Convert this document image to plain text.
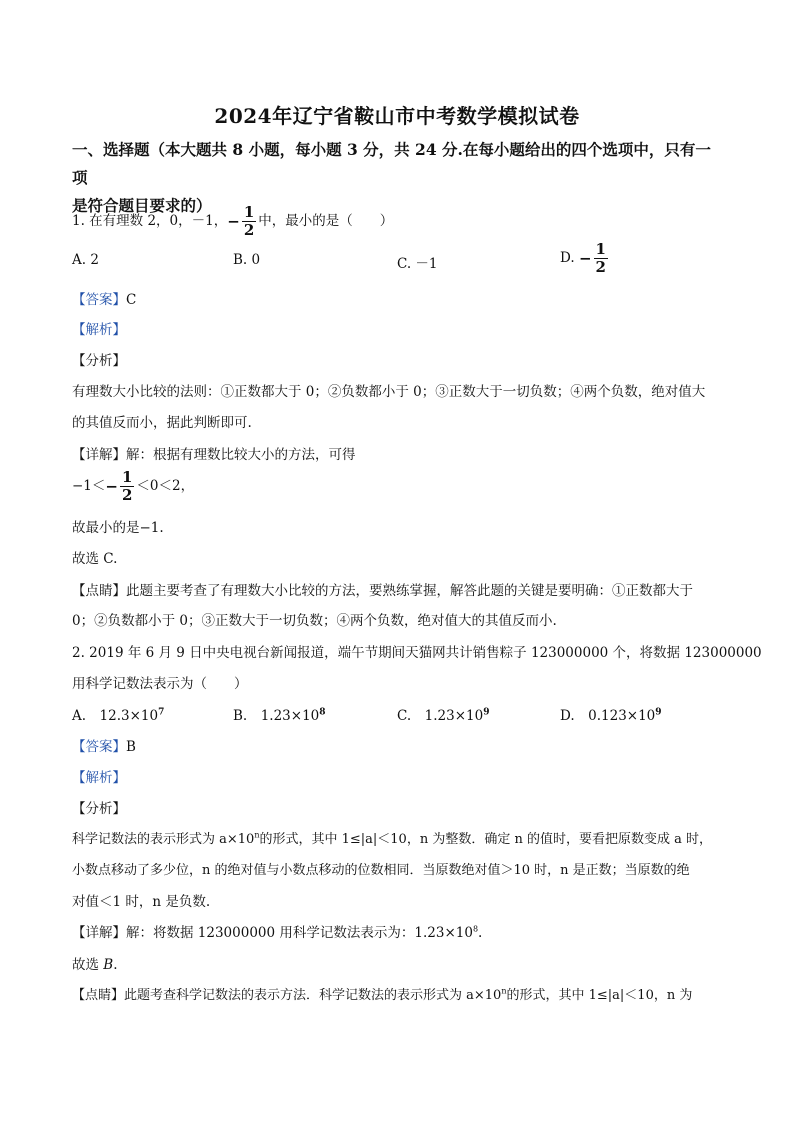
2024年辽宁省鞍山市中考数学模拟试卷
一、选择题（本大题共 8 小题，每小题 3 分，共 24 分.在每小题给出的四个选项中，只有一项
是符合题目要求的）
1. 在有理数 2，0，－1，− $\frac{1}{2}$ 中，最小的是（　　）
A. 2	B. 0	C. －1	D. − $\frac{1}{2}$
【答案】C
【解析】
【分析】
有理数大小比较的法则：①正数都大于 0；②负数都小于 0；③正数大于一切负数；④两个负数，绝对值大
的其值反而小，据此判断即可.
【详解】解：根据有理数比较大小的方法，可得
$-1<- \frac{1}{2} <0<2$，
故最小的是−1.
故选 C.
【点睛】此题主要考查了有理数大小比较的方法，要熟练掌握，解答此题的关键是要明确：①正数都大于
0；②负数都小于 0；③正数大于一切负数；④两个负数，绝对值大的其值反而小.
2. 2019 年 6 月 9 日中央电视台新闻报道，端午节期间天猫网共计销售粽子 123000000 个，将数据 123000000
用科学记数法表示为（　　）
A.　$12.3\times 10^7$	B.　$1.23\times 10^8$	C.　$1.23\times 10^9$	D.　$0.123\times 10^9$
【答案】B
【解析】
【分析】
科学记数法的表示形式为 $a\times 10^n$的形式，其中 1≤|a|＜10，n 为整数．确定 n 的值时，要看把原数变成 a 时，
小数点移动了多少位，n 的绝对值与小数点移动的位数相同．当原数绝对值＞10 时，n 是正数；当原数的绝
对值＜1 时，n 是负数.
【详解】解：将数据 123000000 用科学记数法表示为：$1.23\times 10^8$.
故选 B.
【点睛】此题考查科学记数法的表示方法．科学记数法的表示形式为 $a\times 10^n$的形式，其中 1≤|a|＜10，n 为
